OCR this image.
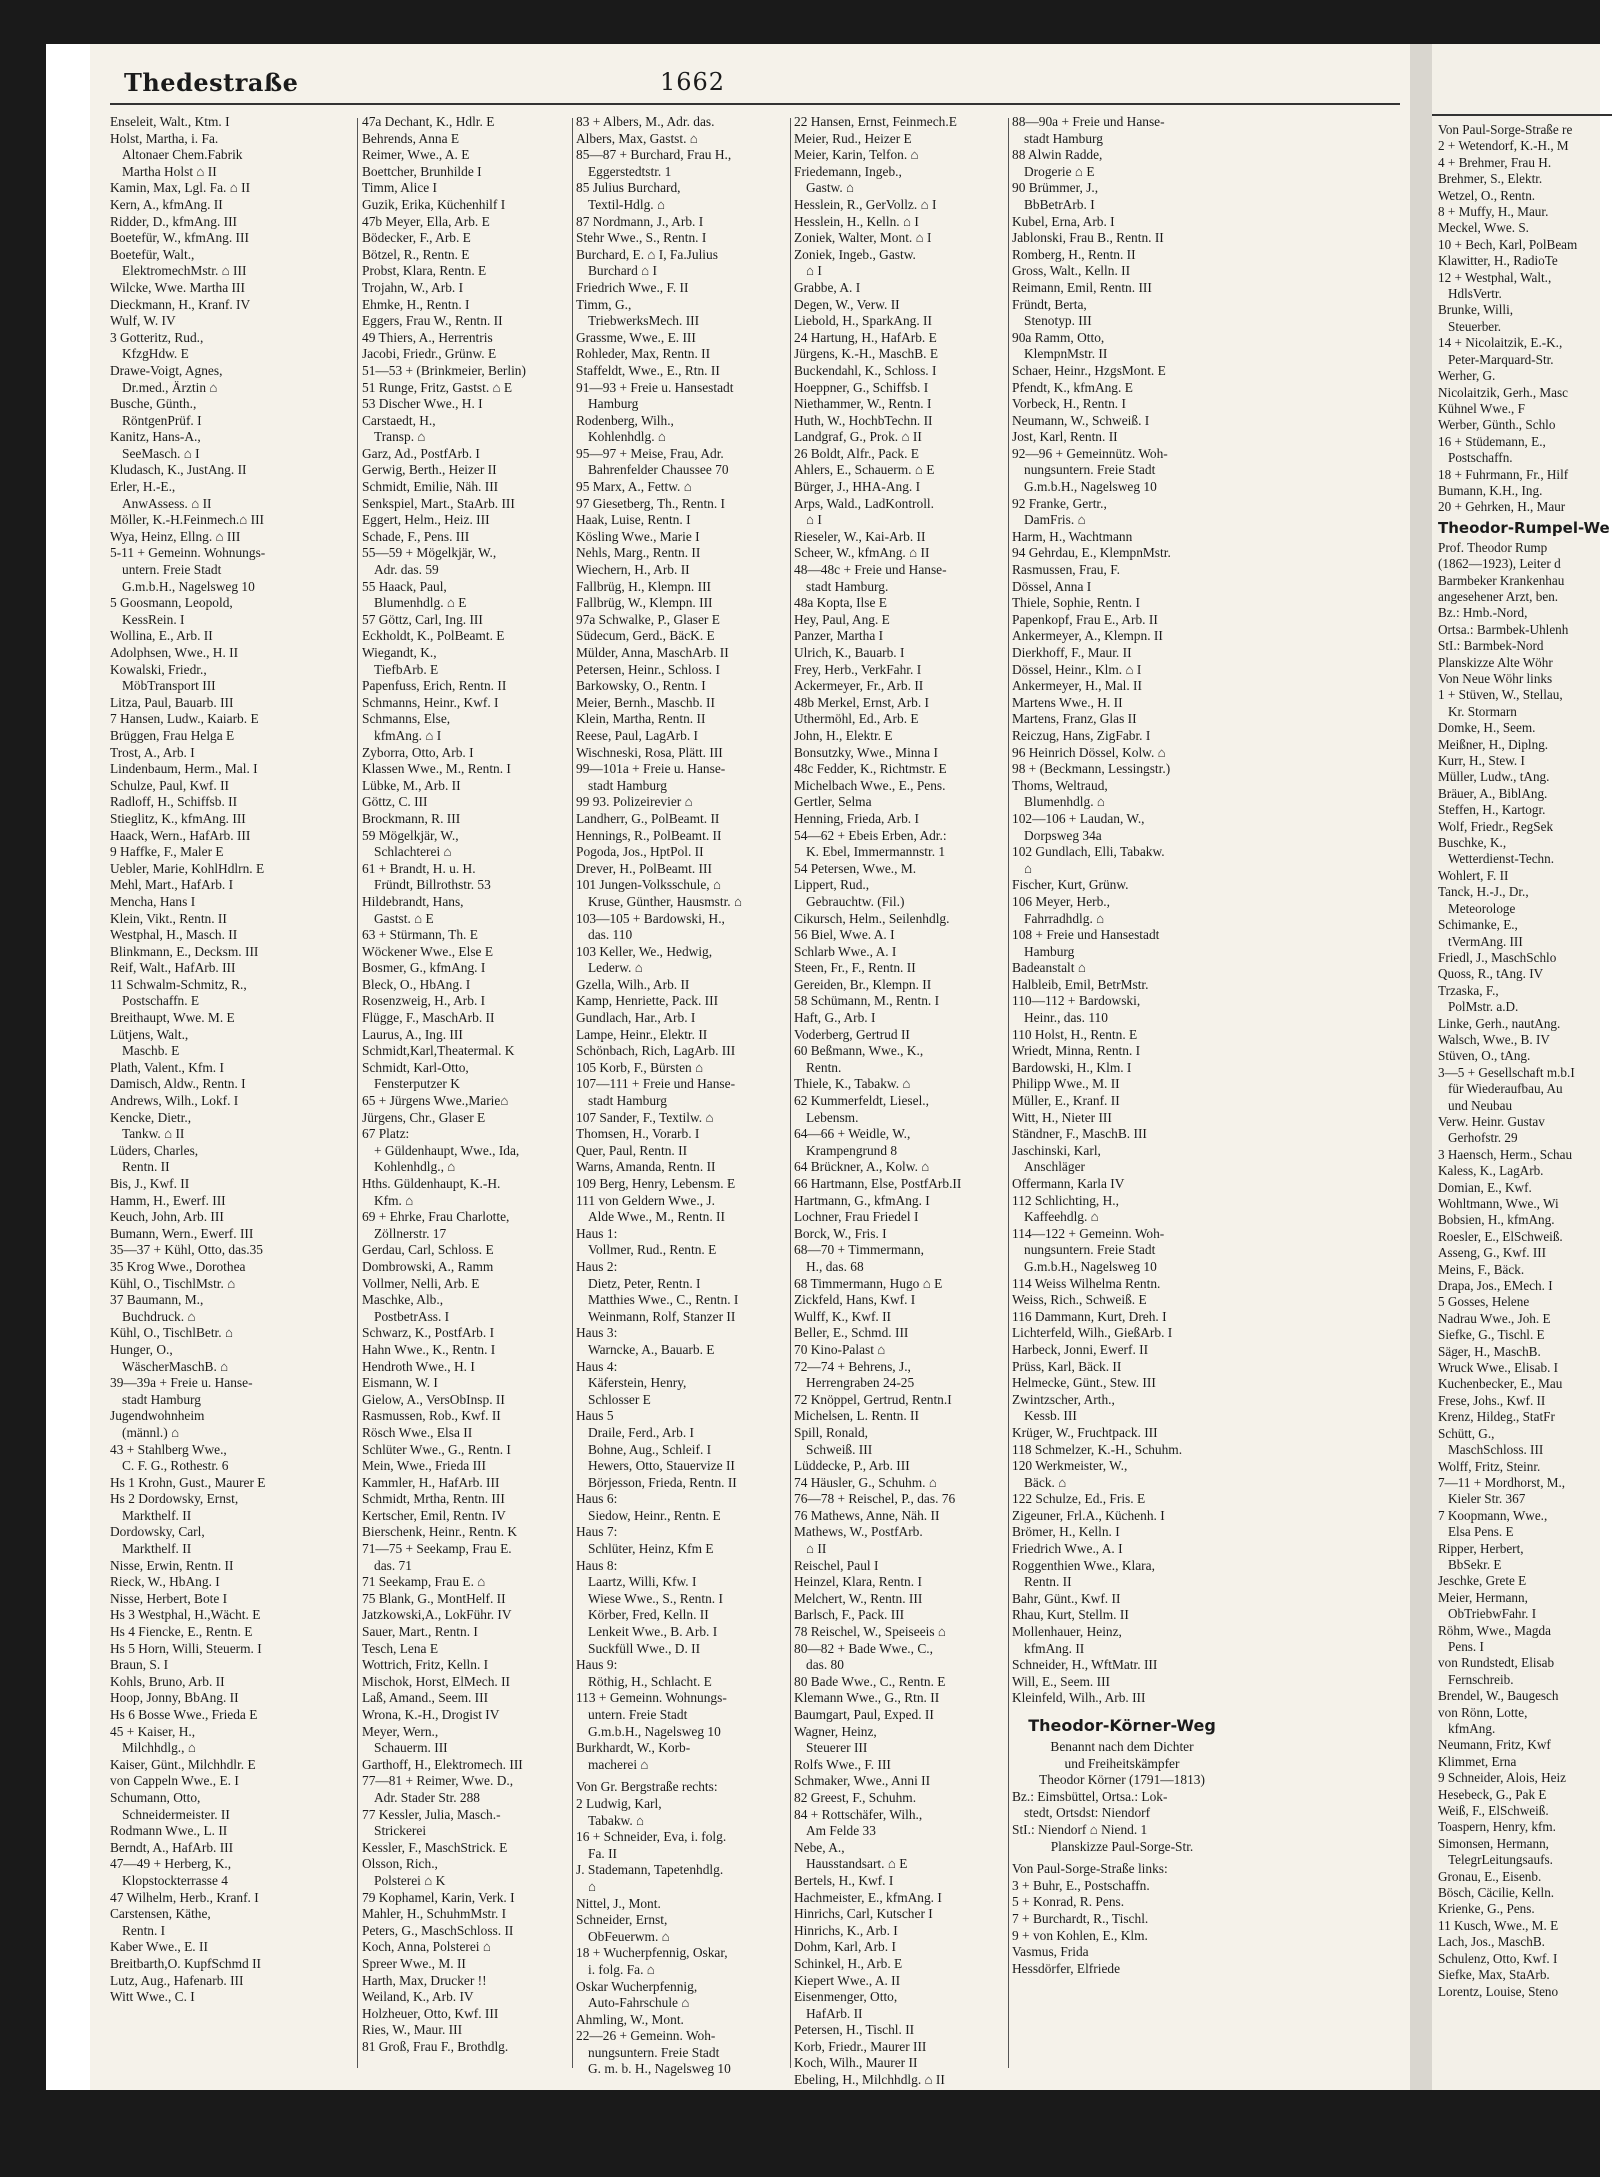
Von Paul-Sorge-Straße re
2 + Wetendorf, K.-H., M
4 + Brehmer, Frau H.
Brehmer, S., Elektr.
Wetzel, O., Rentn.
8 + Muffy, H., Maur.
Meckel, Wwe. S.
10 + Bech, Karl, PolBeam
Klawitter, H., RadioTe
12 + Westphal, Walt.,
HdlsVertr.
Brunke, Willi,
Steuerber.
14 + Nicolaitzik, E.-K.,
Peter-Marquard-Str.
Werher, G.
Nicolaitzik, Gerh., Masc
Kühnel Wwe., F
Werber, Günth., Schlo
16 + Stüdemann, E.,
Postschaffn.
18 + Fuhrmann, Fr., Hilf
Bumann, K.H., Ing.
20 + Gehrken, H., Maur
Theodor-Rumpel-We
Prof. Theodor Rump
(1862—1923), Leiter d
Barmbeker Krankenhau
angesehener Arzt, ben.
Bz.: Hmb.-Nord,
Ortsa.: Barmbek-Uhlenh
StI.: Barmbek-Nord
Planskizze Alte Wöhr
Von Neue Wöhr links
1 + Stüven, W., Stellau,
Kr. Stormarn
Domke, H., Seem.
Meißner, H., Diplng.
Kurr, H., Stew. I
Müller, Ludw., tAng.
Bräuer, A., BiblAng.
Steffen, H., Kartogr.
Wolf, Friedr., RegSek
Buschke, K.,
Wetterdienst-Techn.
Wohlert, F. II
Tanck, H.-J., Dr.,
Meteorologe
Schimanke, E.,
tVermAng. III
Friedl, J., MaschSchlo
Quoss, R., tAng. IV
Trzaska, F.,
PolMstr. a.D.
Linke, Gerh., nautAng.
Walsch, Wwe., B. IV
Stüven, O., tAng.
3—5 + Gesellschaft m.b.I
für Wiederaufbau, Au
und Neubau
Verw. Heinr. Gustav
Gerhofstr. 29
3 Haensch, Herm., Schau
Kaless, K., LagArb.
Domian, E., Kwf.
Wohltmann, Wwe., Wi
Bobsien, H., kfmAng.
Roesler, E., ElSchweiß.
Asseng, G., Kwf. III
Meins, F., Bäck.
Drapa, Jos., EMech. I
5 Gosses, Helene
Nadrau Wwe., Joh. E
Siefke, G., Tischl. E
Säger, H., MaschB.
Wruck Wwe., Elisab. I
Kuchenbecker, E., Mau
Frese, Johs., Kwf. II
Krenz, Hildeg., StatFr
Schütt, G.,
MaschSchloss. III
Wolff, Fritz, Steinr.
7—11 + Mordhorst, M.,
Kieler Str. 367
7 Koopmann, Wwe.,
Elsa Pens. E
Ripper, Herbert,
BbSekr. E
Jeschke, Grete E
Meier, Hermann,
ObTriebwFahr. I
Röhm, Wwe., Magda
Pens. I
von Rundstedt, Elisab
Fernschreib.
Brendel, W., Baugesch
von Rönn, Lotte,
kfmAng.
Neumann, Fritz, Kwf
Klimmet, Erna
9 Schneider, Alois, Heiz
Hesebeck, G., Pak E
Weiß, F., ElSchweiß.
Toaspern, Henry, kfm.
Simonsen, Hermann,
TelegrLeitungsaufs.
Gronau, E., Eisenb.
Bösch, Cäcilie, Kelln.
Krienke, G., Pens.
11 Kusch, Wwe., M. E
Lach, Jos., MaschB.
Schulenz, Otto, Kwf. I
Siefke, Max, StaArb.
Lorentz, Louise, Steno
Thedestraße	1662
Enseleit, Walt., Ktm. I
Holst, Martha, i. Fa.
Altonaer Chem.Fabrik
Martha Holst ⌂ II
Kamin, Max, Lgl. Fa. ⌂ II
Kern, A., kfmAng. II
Ridder, D., kfmAng. III
Boetefür, W., kfmAng. III
Boetefür, Walt.,
ElektromechMstr. ⌂ III
Wilcke, Wwe. Martha III
Dieckmann, H., Kranf. IV
Wulf, W. IV
3 Gotteritz, Rud.,
KfzgHdw. E
Drawe-Voigt, Agnes,
Dr.med., Ärztin ⌂
Busche, Günth.,
RöntgenPrüf. I
Kanitz, Hans-A.,
SeeMasch. ⌂ I
Kludasch, K., JustAng. II
Erler, H.-E.,
AnwAssess. ⌂ II
Möller, K.-H.Feinmech.⌂ III
Wya, Heinz, Ellng. ⌂ III
5-11 + Gemeinn. Wohnungs-
untern. Freie Stadt
G.m.b.H., Nagelsweg 10
5 Goosmann, Leopold,
KessRein. I
Wollina, E., Arb. II
Adolphsen, Wwe., H. II
Kowalski, Friedr.,
MöbTransport III
Litza, Paul, Bauarb. III
7 Hansen, Ludw., Kaiarb. E
Brüggen, Frau Helga E
Trost, A., Arb. I
Lindenbaum, Herm., Mal. I
Schulze, Paul, Kwf. II
Radloff, H., Schiffsb. II
Stieglitz, K., kfmAng. III
Haack, Wern., HafArb. III
9 Haffke, F., Maler E
Uebler, Marie, KohlHdlrn. E
Mehl, Mart., HafArb. I
Mencha, Hans I
Klein, Vikt., Rentn. II
Westphal, H., Masch. II
Blinkmann, E., Decksm. III
Reif, Walt., HafArb. III
11 Schwalm-Schmitz, R.,
Postschaffn. E
Breithaupt, Wwe. M. E
Lütjens, Walt.,
Maschb. E
Plath, Valent., Kfm. I
Damisch, Aldw., Rentn. I
Andrews, Wilh., Lokf. I
Kencke, Dietr.,
Tankw. ⌂ II
Lüders, Charles,
Rentn. II
Bis, J., Kwf. II
Hamm, H., Ewerf. III
Keuch, John, Arb. III
Bumann, Wern., Ewerf. III
35—37 + Kühl, Otto, das.35
35 Krog Wwe., Dorothea
Kühl, O., TischlMstr. ⌂
37 Baumann, M.,
Buchdruck. ⌂
Kühl, O., TischlBetr. ⌂
Hunger, O.,
WäscherMaschB. ⌂
39—39a + Freie u. Hanse-
stadt Hamburg
Jugendwohnheim
(männl.) ⌂
43 + Stahlberg Wwe.,
C. F. G., Rothestr. 6
Hs 1 Krohn, Gust., Maurer E
Hs 2 Dordowsky, Ernst,
Markthelf. II
Dordowsky, Carl,
Markthelf. II
Nisse, Erwin, Rentn. II
Rieck, W., HbAng. I
Nisse, Herbert, Bote I
Hs 3 Westphal, H.,Wächt. E
Hs 4 Fiencke, E., Rentn. E
Hs 5 Horn, Willi, Steuerm. I
Braun, S. I
Kohls, Bruno, Arb. II
Hoop, Jonny, BbAng. II
Hs 6 Bosse Wwe., Frieda E
45 + Kaiser, H.,
Milchhdlg., ⌂
Kaiser, Günt., Milchhdlr. E
von Cappeln Wwe., E. I
Schumann, Otto,
Schneidermeister. II
Rodmann Wwe., L. II
Berndt, A., HafArb. III
47—49 + Herberg, K.,
Klopstockterrasse 4
47 Wilhelm, Herb., Kranf. I
Carstensen, Käthe,
Rentn. I
Kaber Wwe., E. II
Breitbarth,O. KupfSchmd II
Lutz, Aug., Hafenarb. III
Witt Wwe., C. I
47a Dechant, K., Hdlr. E
Behrends, Anna E
Reimer, Wwe., A. E
Boettcher, Brunhilde I
Timm, Alice I
Guzik, Erika, Küchenhilf I
47b Meyer, Ella, Arb. E
Bödecker, F., Arb. E
Bötzel, R., Rentn. E
Probst, Klara, Rentn. E
Trojahn, W., Arb. I
Ehmke, H., Rentn. I
Eggers, Frau W., Rentn. II
49 Thiers, A., Herrentris
Jacobi, Friedr., Grünw. E
51—53 + (Brinkmeier, Berlin)
51 Runge, Fritz, Gastst. ⌂ E
53 Discher Wwe., H. I
Carstaedt, H.,
Transp. ⌂
Garz, Ad., PostfArb. I
Gerwig, Berth., Heizer II
Schmidt, Emilie, Näh. III
Senkspiel, Mart., StaArb. III
Eggert, Helm., Heiz. III
Schade, F., Pens. III
55—59 + Mögelkjär, W.,
Adr. das. 59
55 Haack, Paul,
Blumenhdlg. ⌂ E
57 Göttz, Carl, Ing. III
Eckholdt, K., PolBeamt. E
Wiegandt, K.,
TiefbArb. E
Papenfuss, Erich, Rentn. II
Schmanns, Heinr., Kwf. I
Schmanns, Else,
kfmAng. ⌂ I
Zyborra, Otto, Arb. I
Klassen Wwe., M., Rentn. I
Lübke, M., Arb. II
Göttz, C. III
Brockmann, R. III
59 Mögelkjär, W.,
Schlachterei ⌂
61 + Brandt, H. u. H.
Fründt, Billrothstr. 53
Hildebrandt, Hans,
Gastst. ⌂ E
63 + Stürmann, Th. E
Wöckener Wwe., Else E
Bosmer, G., kfmAng. I
Bleck, O., HbAng. I
Rosenzweig, H., Arb. I
Flügge, F., MaschArb. II
Laurus, A., Ing. III
Schmidt,Karl,Theatermal. K
Schmidt, Karl-Otto,
Fensterputzer K
65 + Jürgens Wwe.,Marie⌂
Jürgens, Chr., Glaser E
67 Platz:
+ Güldenhaupt, Wwe., Ida,
Kohlenhdlg., ⌂
Hths. Güldenhaupt, K.-H.
Kfm. ⌂
69 + Ehrke, Frau Charlotte,
Zöllnerstr. 17
Gerdau, Carl, Schloss. E
Dombrowski, A., Ramm
Vollmer, Nelli, Arb. E
Maschke, Alb.,
PostbetrAss. I
Schwarz, K., PostfArb. I
Hahn Wwe., K., Rentn. I
Hendroth Wwe., H. I
Eismann, W. I
Gielow, A., VersObInsp. II
Rasmussen, Rob., Kwf. II
Rösch Wwe., Elsa II
Schlüter Wwe., G., Rentn. I
Mein, Wwe., Frieda III
Kammler, H., HafArb. III
Schmidt, Mrtha, Rentn. III
Kertscher, Emil, Rentn. IV
Bierschenk, Heinr., Rentn. K
71—75 + Seekamp, Frau E.
das. 71
71 Seekamp, Frau E. ⌂
75 Blank, G., MontHelf. II
Jatzkowski,A., LokFühr. IV
Sauer, Mart., Rentn. I
Tesch, Lena E
Wottrich, Fritz, Kelln. I
Mischok, Horst, ElMech. II
Laß, Amand., Seem. III
Wrona, K.-H., Drogist IV
Meyer, Wern.,
Schauerm. III
Garthoff, H., Elektromech. III
77—81 + Reimer, Wwe. D.,
Adr. Stader Str. 288
77 Kessler, Julia, Masch.-
Strickerei
Kessler, F., MaschStrick. E
Olsson, Rich.,
Polsterei ⌂ K
79 Kophamel, Karin, Verk. I
Mahler, H., SchuhmMstr. I
Peters, G., MaschSchloss. II
Koch, Anna, Polsterei ⌂
Spreer Wwe., M. II
Harth, Max, Drucker !!
Weiland, K., Arb. IV
Holzheuer, Otto, Kwf. III
Ries, W., Maur. III
81 Groß, Frau F., Brothdlg.
83 + Albers, M., Adr. das.
Albers, Max, Gastst. ⌂
85—87 + Burchard, Frau H.,
Eggerstedtstr. 1
85 Julius Burchard,
Textil-Hdlg. ⌂
87 Nordmann, J., Arb. I
Stehr Wwe., S., Rentn. I
Burchard, E. ⌂ I, Fa.Julius
Burchard ⌂ I
Friedrich Wwe., F. II
Timm, G.,
TriebwerksMech. III
Grassme, Wwe., E. III
Rohleder, Max, Rentn. II
Staffeldt, Wwe., E., Rtn. II
91—93 + Freie u. Hansestadt
Hamburg
Rodenberg, Wilh.,
Kohlenhdlg. ⌂
95—97 + Meise, Frau, Adr.
Bahrenfelder Chaussee 70
95 Marx, A., Fettw. ⌂
97 Giesetberg, Th., Rentn. I
Haak, Luise, Rentn. I
Kösling Wwe., Marie I
Nehls, Marg., Rentn. II
Wiechern, H., Arb. II
Fallbrüg, H., Klempn. III
Fallbrüg, W., Klempn. III
97a Schwalke, P., Glaser E
Südecum, Gerd., BäcK. E
Mülder, Anna, MaschArb. II
Petersen, Heinr., Schloss. I
Barkowsky, O., Rentn. I
Meier, Bernh., Maschb. II
Klein, Martha, Rentn. II
Reese, Paul, LagArb. I
Wischneski, Rosa, Plätt. III
99—101a + Freie u. Hanse-
stadt Hamburg
99 93. Polizeirevier ⌂
Landherr, G., PolBeamt. II
Hennings, R., PolBeamt. II
Pogoda, Jos., HptPol. II
Drever, H., PolBeamt. III
101 Jungen-Volksschule, ⌂
Kruse, Günther, Hausmstr. ⌂
103—105 + Bardowski, H.,
das. 110
103 Keller, We., Hedwig,
Lederw. ⌂
Gzella, Wilh., Arb. II
Kamp, Henriette, Pack. III
Gundlach, Har., Arb. I
Lampe, Heinr., Elektr. II
Schönbach, Rich, LagArb. III
105 Korb, F., Bürsten ⌂
107—111 + Freie und Hanse-
stadt Hamburg
107 Sander, F., Textilw. ⌂
Thomsen, H., Vorarb. I
Quer, Paul, Rentn. II
Warns, Amanda, Rentn. II
109 Berg, Henry, Lebensm. E
111 von Geldern Wwe., J.
Alde Wwe., M., Rentn. II
Haus 1:
Vollmer, Rud., Rentn. E
Haus 2:
Dietz, Peter, Rentn. I
Matthies Wwe., C., Rentn. I
Weinmann, Rolf, Stanzer II
Haus 3:
Warncke, A., Bauarb. E
Haus 4:
Käferstein, Henry,
Schlosser E
Haus 5
Draile, Ferd., Arb. I
Bohne, Aug., Schleif. I
Hewers, Otto, Stauervize II
Börjesson, Frieda, Rentn. II
Haus 6:
Siedow, Heinr., Rentn. E
Haus 7:
Schlüter, Heinz, Kfm E
Haus 8:
Laartz, Willi, Kfw. I
Wiese Wwe., S., Rentn. I
Körber, Fred, Kelln. II
Lenkeit Wwe., B. Arb. I
Suckfüll Wwe., D. II
Haus 9:
Röthig, H., Schlacht. E
113 + Gemeinn. Wohnungs-
untern. Freie Stadt
G.m.b.H., Nagelsweg 10
Burkhardt, W., Korb-
macherei ⌂
Von Gr. Bergstraße rechts:
2 Ludwig, Karl,
Tabakw. ⌂
16 + Schneider, Eva, i. folg.
Fa. II
J. Stademann, Tapetenhdlg.
⌂
Nittel, J., Mont.
Schneider, Ernst,
ObFeuerwm. ⌂
18 + Wucherpfennig, Oskar,
i. folg. Fa. ⌂
Oskar Wucherpfennig,
Auto-Fahrschule ⌂
Ahmling, W., Mont.
22—26 + Gemeinn. Woh-
nungsuntern. Freie Stadt
G. m. b. H., Nagelsweg 10
22 Hansen, Ernst, Feinmech.E
Meier, Rud., Heizer E
Meier, Karin, Telfon. ⌂
Friedemann, Ingeb.,
Gastw. ⌂
Hesslein, R., GerVollz. ⌂ I
Hesslein, H., Kelln. ⌂ I
Zoniek, Walter, Mont. ⌂ I
Zoniek, Ingeb., Gastw.
⌂ I
Grabbe, A. I
Degen, W., Verw. II
Liebold, H., SparkAng. II
24 Hartung, H., HafArb. E
Jürgens, K.-H., MaschB. E
Buckendahl, K., Schloss. I
Hoeppner, G., Schiffsb. I
Niethammer, W., Rentn. I
Huth, W., HochbTechn. II
Landgraf, G., Prok. ⌂ II
26 Boldt, Alfr., Pack. E
Ahlers, E., Schauerm. ⌂ E
Bürger, J., HHA-Ang. I
Arps, Wald., LadKontroll.
⌂ I
Rieseler, W., Kai-Arb. II
Scheer, W., kfmAng. ⌂ II
48—48c + Freie und Hanse-
stadt Hamburg.
48a Kopta, Ilse E
Hey, Paul, Ang. E
Panzer, Martha I
Ulrich, K., Bauarb. I
Frey, Herb., VerkFahr. I
Ackermeyer, Fr., Arb. II
48b Merkel, Ernst, Arb. I
Uthermöhl, Ed., Arb. E
John, H., Elektr. E
Bonsutzky, Wwe., Minna I
48c Fedder, K., Richtmstr. E
Michelbach Wwe., E., Pens.
Gertler, Selma
Henning, Frieda, Arb. I
54—62 + Ebeis Erben, Adr.:
K. Ebel, Immermannstr. 1
54 Petersen, Wwe., M.
Lippert, Rud.,
Gebrauchtw. (Fil.)
Cikursch, Helm., Seilenhdlg.
56 Biel, Wwe. A. I
Schlarb Wwe., A. I
Steen, Fr., F., Rentn. II
Gereiden, Br., Klempn. II
58 Schümann, M., Rentn. I
Haft, G., Arb. I
Voderberg, Gertrud II
60 Beßmann, Wwe., K.,
Rentn.
Thiele, K., Tabakw. ⌂
62 Kummerfeldt, Liesel.,
Lebensm.
64—66 + Weidle, W.,
Krampengrund 8
64 Brückner, A., Kolw. ⌂
66 Hartmann, Else, PostfArb.II
Hartmann, G., kfmAng. I
Lochner, Frau Friedel I
Borck, W., Fris. I
68—70 + Timmermann,
H., das. 68
68 Timmermann, Hugo ⌂ E
Zickfeld, Hans, Kwf. I
Wulff, K., Kwf. II
Beller, E., Schmd. III
70 Kino-Palast ⌂
72—74 + Behrens, J.,
Herrengraben 24-25
72 Knöppel, Gertrud, Rentn.I
Michelsen, L. Rentn. II
Spill, Ronald,
Schweiß. III
Lüddecke, P., Arb. III
74 Häusler, G., Schuhm. ⌂
76—78 + Reischel, P., das. 76
76 Mathews, Anne, Näh. II
Mathews, W., PostfArb.
⌂ II
Reischel, Paul I
Heinzel, Klara, Rentn. I
Melchert, W., Rentn. III
Barlsch, F., Pack. III
78 Reischel, W., Speiseeis ⌂
80—82 + Bade Wwe., C.,
das. 80
80 Bade Wwe., C., Rentn. E
Klemann Wwe., G., Rtn. II
Baumgart, Paul, Exped. II
Wagner, Heinz,
Steuerer III
Rolfs Wwe., F. III
Schmaker, Wwe., Anni II
82 Greest, F., Schuhm.
84 + Rottschäfer, Wilh.,
Am Felde 33
Nebe, A.,
Hausstandsart. ⌂ E
Bertels, H., Kwf. I
Hachmeister, E., kfmAng. I
Hinrichs, Carl, Kutscher I
Hinrichs, K., Arb. I
Dohm, Karl, Arb. I
Schinkel, H., Arb. E
Kiepert Wwe., A. II
Eisenmenger, Otto,
HafArb. II
Petersen, H., Tischl. II
Korb, Friedr., Maurer III
Koch, Wilh., Maurer II
Ebeling, H., Milchhdlg. ⌂ II
88—90a + Freie und Hanse-
stadt Hamburg
88 Alwin Radde,
Drogerie ⌂ E
90 Brümmer, J.,
BbBetrArb. I
Kubel, Erna, Arb. I
Jablonski, Frau B., Rentn. II
Romberg, H., Rentn. II
Gross, Walt., Kelln. II
Reimann, Emil, Rentn. III
Fründt, Berta,
Stenotyp. III
90a Ramm, Otto,
KlempnMstr. II
Schaer, Heinr., HzgsMont. E
Pfendt, K., kfmAng. E
Vorbeck, H., Rentn. I
Neumann, W., Schweiß. I
Jost, Karl, Rentn. II
92—96 + Gemeinnütz. Woh-
nungsuntern. Freie Stadt
G.m.b.H., Nagelsweg 10
92 Franke, Gertr.,
DamFris. ⌂
Harm, H., Wachtmann
94 Gehrdau, E., KlempnMstr.
Rasmussen, Frau, F.
Dössel, Anna I
Thiele, Sophie, Rentn. I
Papenkopf, Frau E., Arb. II
Ankermeyer, A., Klempn. II
Dierkhoff, F., Maur. II
Dössel, Heinr., Klm. ⌂ I
Ankermeyer, H., Mal. II
Martens Wwe., H. II
Martens, Franz, Glas II
Reiczug, Hans, ZigFabr. I
96 Heinrich Dössel, Kolw. ⌂
98 + (Beckmann, Lessingstr.)
Thoms, Weltraud,
Blumenhdlg. ⌂
102—106 + Laudan, W.,
Dorpsweg 34a
102 Gundlach, Elli, Tabakw.
⌂
Fischer, Kurt, Grünw.
106 Meyer, Herb.,
Fahrradhdlg. ⌂
108 + Freie und Hansestadt
Hamburg
Badeanstalt ⌂
Halbleib, Emil, BetrMstr.
110—112 + Bardowski,
Heinr., das. 110
110 Holst, H., Rentn. E
Wriedt, Minna, Rentn. I
Bardowski, H., Klm. I
Philipp Wwe., M. II
Müller, E., Kranf. II
Witt, H., Nieter III
Ständner, F., MaschB. III
Jaschinski, Karl,
Anschläger
Offermann, Karla IV
112 Schlichting, H.,
Kaffeehdlg. ⌂
114—122 + Gemeinn. Woh-
nungsuntern. Freie Stadt
G.m.b.H., Nagelsweg 10
114 Weiss Wilhelma Rentn.
Weiss, Rich., Schweiß. E
116 Dammann, Kurt, Dreh. I
Lichterfeld, Wilh., GießArb. I
Harbeck, Jonni, Ewerf. II
Prüss, Karl, Bäck. II
Helmecke, Günt., Stew. III
Zwintzscher, Arth.,
Kessb. III
Krüger, W., Fruchtpack. III
118 Schmelzer, K.-H., Schuhm.
120 Werkmeister, W.,
Bäck. ⌂
122 Schulze, Ed., Fris. E
Zigeuner, Frl.A., Küchenh. I
Brömer, H., Kelln. I
Friedrich Wwe., A. I
Roggenthien Wwe., Klara,
Rentn. II
Bahr, Günt., Kwf. II
Rhau, Kurt, Stellm. II
Mollenhauer, Heinz,
kfmAng. II
Schneider, H., WftMatr. III
Will, E., Seem. III
Kleinfeld, Wilh., Arb. III
Theodor-Körner-Weg
Benannt nach dem Dichter
und Freiheitskämpfer
Theodor Körner (1791—1813)
Bz.: Eimsbüttel, Ortsa.: Lok-
stedt, Ortsdst: Niendorf
StI.: Niendorf ⌂ Niend. 1
Planskizze Paul-Sorge-Str.
Von Paul-Sorge-Straße links:
3 + Buhr, E., Postschaffn.
5 + Konrad, R. Pens.
7 + Burchardt, R., Tischl.
9 + von Kohlen, E., Klm.
Vasmus, Frida
Hessdörfer, Elfriede
